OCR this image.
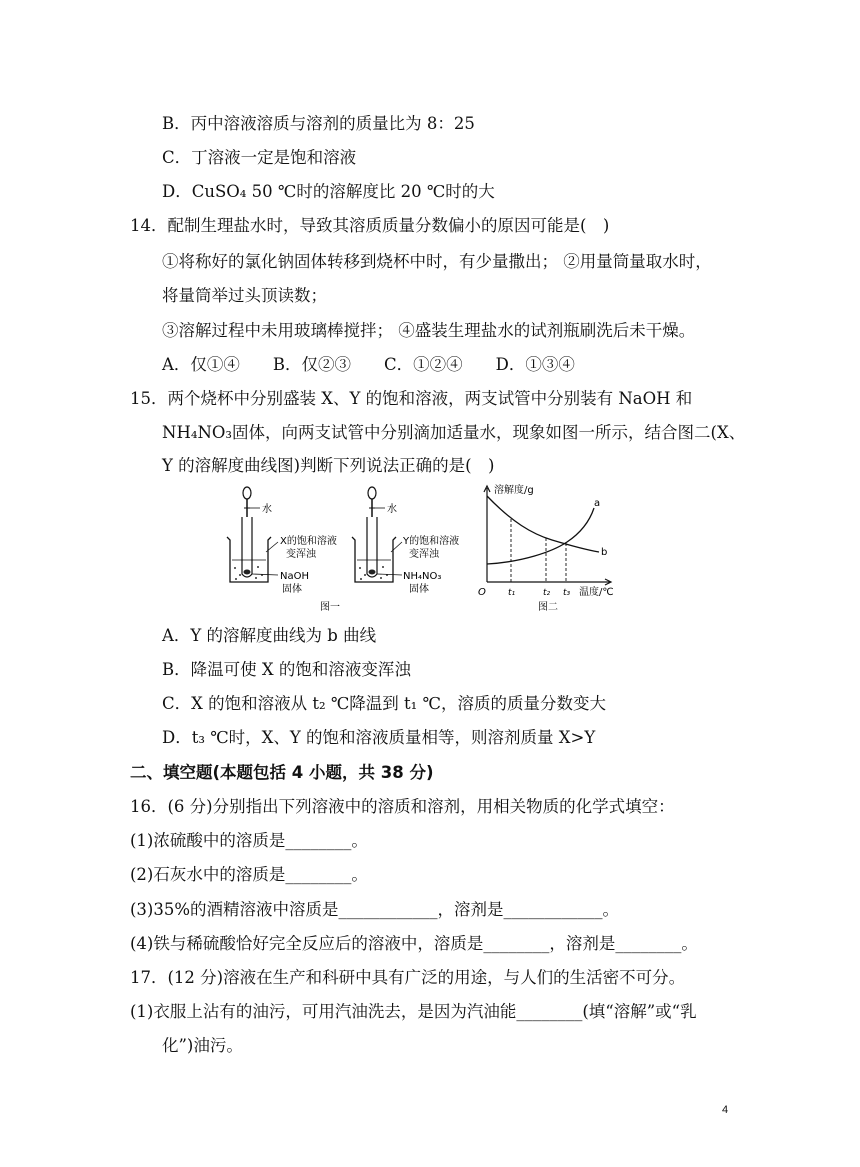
B．丙中溶液溶质与溶剂的质量比为 8：25
C．丁溶液一定是饱和溶液
D．CuSO₄ 50 ℃时的溶解度比 20 ℃时的大
14．配制生理盐水时，导致其溶质质量分数偏小的原因可能是(　)
①将称好的氯化钠固体转移到烧杯中时，有少量撒出； ②用量筒量取水时，
将量筒举过头顶读数；
③溶解过程中未用玻璃棒搅拌； ④盛装生理盐水的试剂瓶刷洗后未干燥。
A．仅①④　　B．仅②③　　C．①②④　　D．①③④
15．两个烧杯中分别盛装 X、Y 的饱和溶液，两支试管中分别装有 NaOH 和
NH₄NO₃固体，向两支试管中分别滴加适量水，现象如图一所示，结合图二(X、
Y 的溶解度曲线图)判断下列说法正确的是(　)
水
X的饱和溶液
变浑浊
NaOH
固体
图一
水
Y的饱和溶液
变浑浊
NH₄NO₃
固体
溶解度/g
O
a
b
t₁	t₂ t₃ 温度/℃
图二
A．Y 的溶解度曲线为 b 曲线
B．降温可使 X 的饱和溶液变浑浊
C．X 的饱和溶液从 t₂ ℃降温到 t₁ ℃，溶质的质量分数变大
D．t₃ ℃时，X、Y 的饱和溶液质量相等，则溶剂质量 X>Y
二、填空题(本题包括 4 小题，共 38 分)
16．(6 分)分别指出下列溶液中的溶质和溶剂，用相关物质的化学式填空：
(1)浓硫酸中的溶质是________。
(2)石灰水中的溶质是________。
(3)35%的酒精溶液中溶质是____________，溶剂是____________。
(4)铁与稀硫酸恰好完全反应后的溶液中，溶质是________，溶剂是________。
17．(12 分)溶液在生产和科研中具有广泛的用途，与人们的生活密不可分。
(1)衣服上沾有的油污，可用汽油洗去，是因为汽油能________(填“溶解”或“乳
化”)油污。
4
